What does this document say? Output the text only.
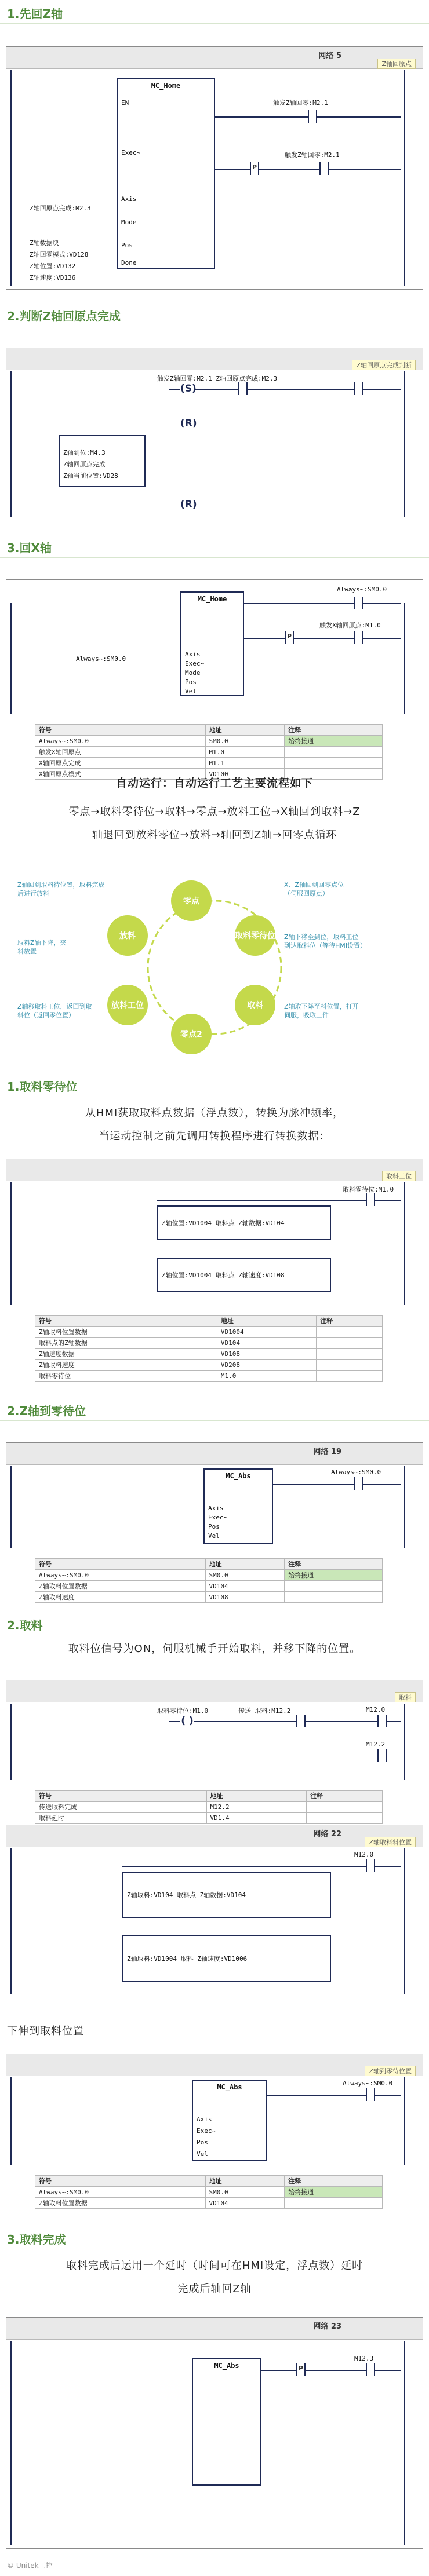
1.先回Z轴
网络 5
Z轴回原点
MC_Home
EN
Exec~
Axis
Mode
Pos
Done
触发Z轴回零:M2.1
P
触发Z轴回零:M2.1
Z轴回原点完成:M2.3
Z轴数据块
Z轴回零模式:VD128
Z轴位置:VD132
Z轴速度:VD136
2.判断Z轴回原点完成
Z轴回原点完成判断
触发Z轴回零:M2.1 Z轴回原点完成:M2.3
(S)
(R)
Z轴到位:M4.3
Z轴回原点完成
Z轴当前位置:VD28
(R)
3.回X轴
MC_Home
Axis
Exec~
Mode
Pos
Vel
Always~:SM0.0
P
触发X轴回原点:M1.0
Always~:SM0.0
符号	地址	注释
Always~:SM0.0	SM0.0	始终接通
触发X轴回原点	M1.0	
X轴回原点完成	M1.1	
X轴回原点模式	VD100	
自动运行：自动运行工艺主要流程如下
零点→取料零待位→取料→零点→放料工位→X轴回到取料→Z
轴退回到放料零位→放料→轴回到Z轴→回零点循环
零点
取料零待位
取料
零点2
放料工位
放料
X、Z轴回到回零点位
（伺服回原点）
Z轴下移至到位，取料工位
到达取料位（等待HMI设置）
Z轴取下降至料位置，打开
伺服，吸取工件
Z轴回到取料待位置，取料完成
后进行放料
取料Z轴下降，夹
料放置
Z轴移取料工位，返回到取
料位（返回零位置）
1.取料零待位
从HMI获取取料点数据（浮点数），转换为脉冲频率，
当运动控制之前先调用转换程序进行转换数据：
取料工位
取料零待位:M1.0
Z轴位置:VD1004 取料点 Z轴数据:VD104
Z轴位置:VD1004 取料点 Z轴速度:VD108
符号	地址	注释
Z轴取料位置数据	VD1004	
取料点的Z轴数据	VD104	
Z轴速度数据	VD108	
Z轴取料速度	VD208	
取料零待位	M1.0	
2.Z轴到零待位
网络 19
MC_Abs
Axis
Exec~
Pos
Vel
Always~:SM0.0
符号	地址	注释
Always~:SM0.0	SM0.0	始终接通
Z轴取料位置数据	VD104	
Z轴取料速度	VD108	
2.取料
取料位信号为ON，伺服机械手开始取料，并移下降的位置。
取料
M12.0
传送 取料:M12.2
取料零待位:M1.0
( )
M12.2
符号	地址	注释
传送取料完成	M12.2	
取料延时	VD1.4	
网络 22
Z轴取料料位置
M12.0
Z轴取料:VD104 取料点 Z轴数据:VD104
Z轴取料:VD1004 取料 Z轴速度:VD1006
下伸到取料位置
Z轴到零待位置
MC_Abs
Axis
Exec~
Pos
Vel
Always~:SM0.0
符号	地址	注释
Always~:SM0.0	SM0.0	始终接通
Z轴取料位置数据	VD104	
3.取料完成
取料完成后运用一个延时（时间可在HMI设定，浮点数）延时
完成后轴回Z轴
网络 23
P
M12.3
MC_Abs
© Unitek工控
